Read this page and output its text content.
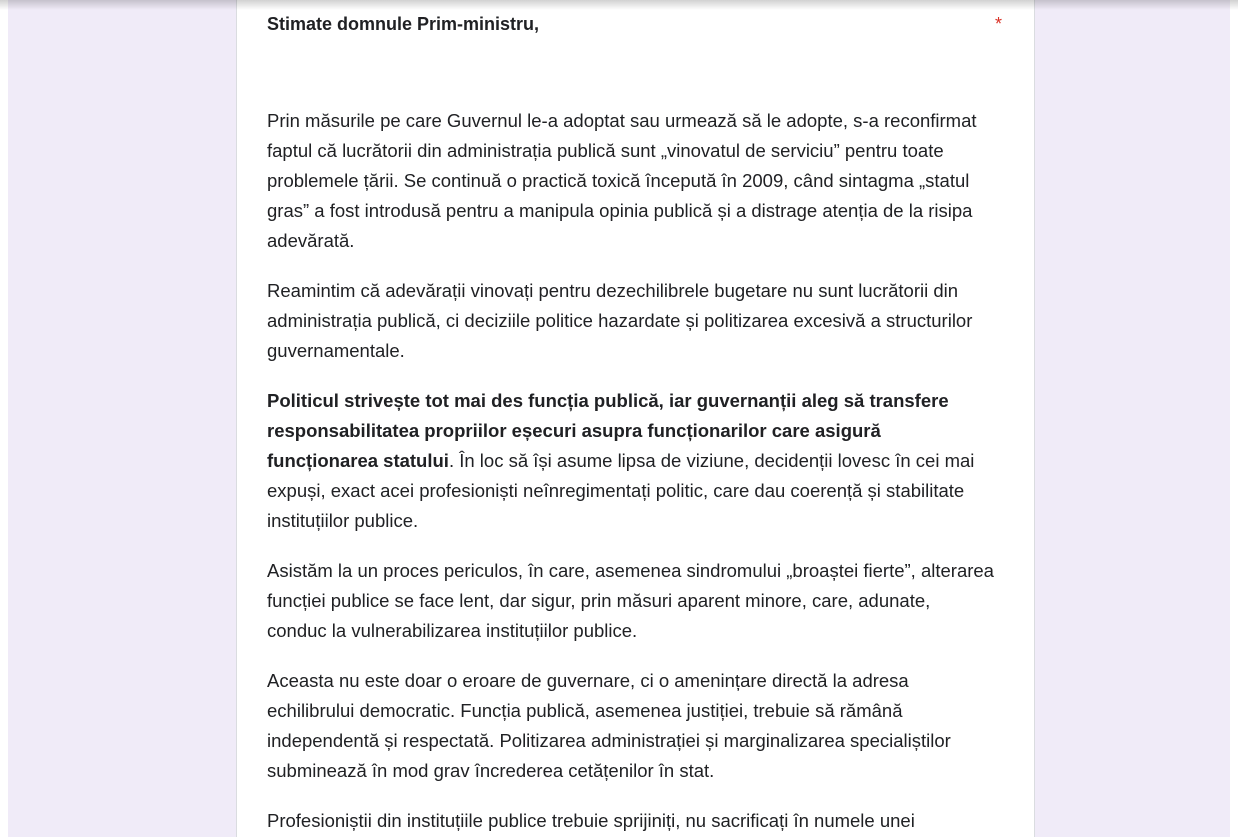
Stimate domnule Prim-ministru,	*

Prin măsurile pe care Guvernul le-a adoptat sau urmează să le adopte, s-a reconfirmat faptul că lucrătorii din administrația publică sunt „vinovatul de serviciu” pentru toate problemele țării. Se continuă o practică toxică începută în 2009, când sintagma „statul gras” a fost introdusă pentru a manipula opinia publică și a distrage atenția de la risipa adevărată.

Reamintim că adevărații vinovați pentru dezechilibrele bugetare nu sunt lucrătorii din administrația publică, ci deciziile politice hazardate și politizarea excesivă a structurilor guvernamentale.

Politicul strivește tot mai des funcția publică, iar guvernanții aleg să transfere responsabilitatea propriilor eșecuri asupra funcționarilor care asigură funcționarea statului. În loc să își asume lipsa de viziune, decidenții lovesc în cei mai expuși, exact acei profesioniști neînregimentați politic, care dau coerență și stabilitate instituțiilor publice.

Asistăm la un proces periculos, în care, asemenea sindromului „broaștei fierte”, alterarea funcției publice se face lent, dar sigur, prin măsuri aparent minore, care, adunate, conduc la vulnerabilizarea instituțiilor publice.

Aceasta nu este doar o eroare de guvernare, ci o amenințare directă la adresa echilibrului democratic. Funcția publică, asemenea justiției, trebuie să rămână independentă și respectată. Politizarea administrației și marginalizarea specialiștilor subminează în mod grav încrederea cetățenilor în stat.

Profesioniștii din instituțiile publice trebuie sprijiniți, nu sacrificați în numele unei
